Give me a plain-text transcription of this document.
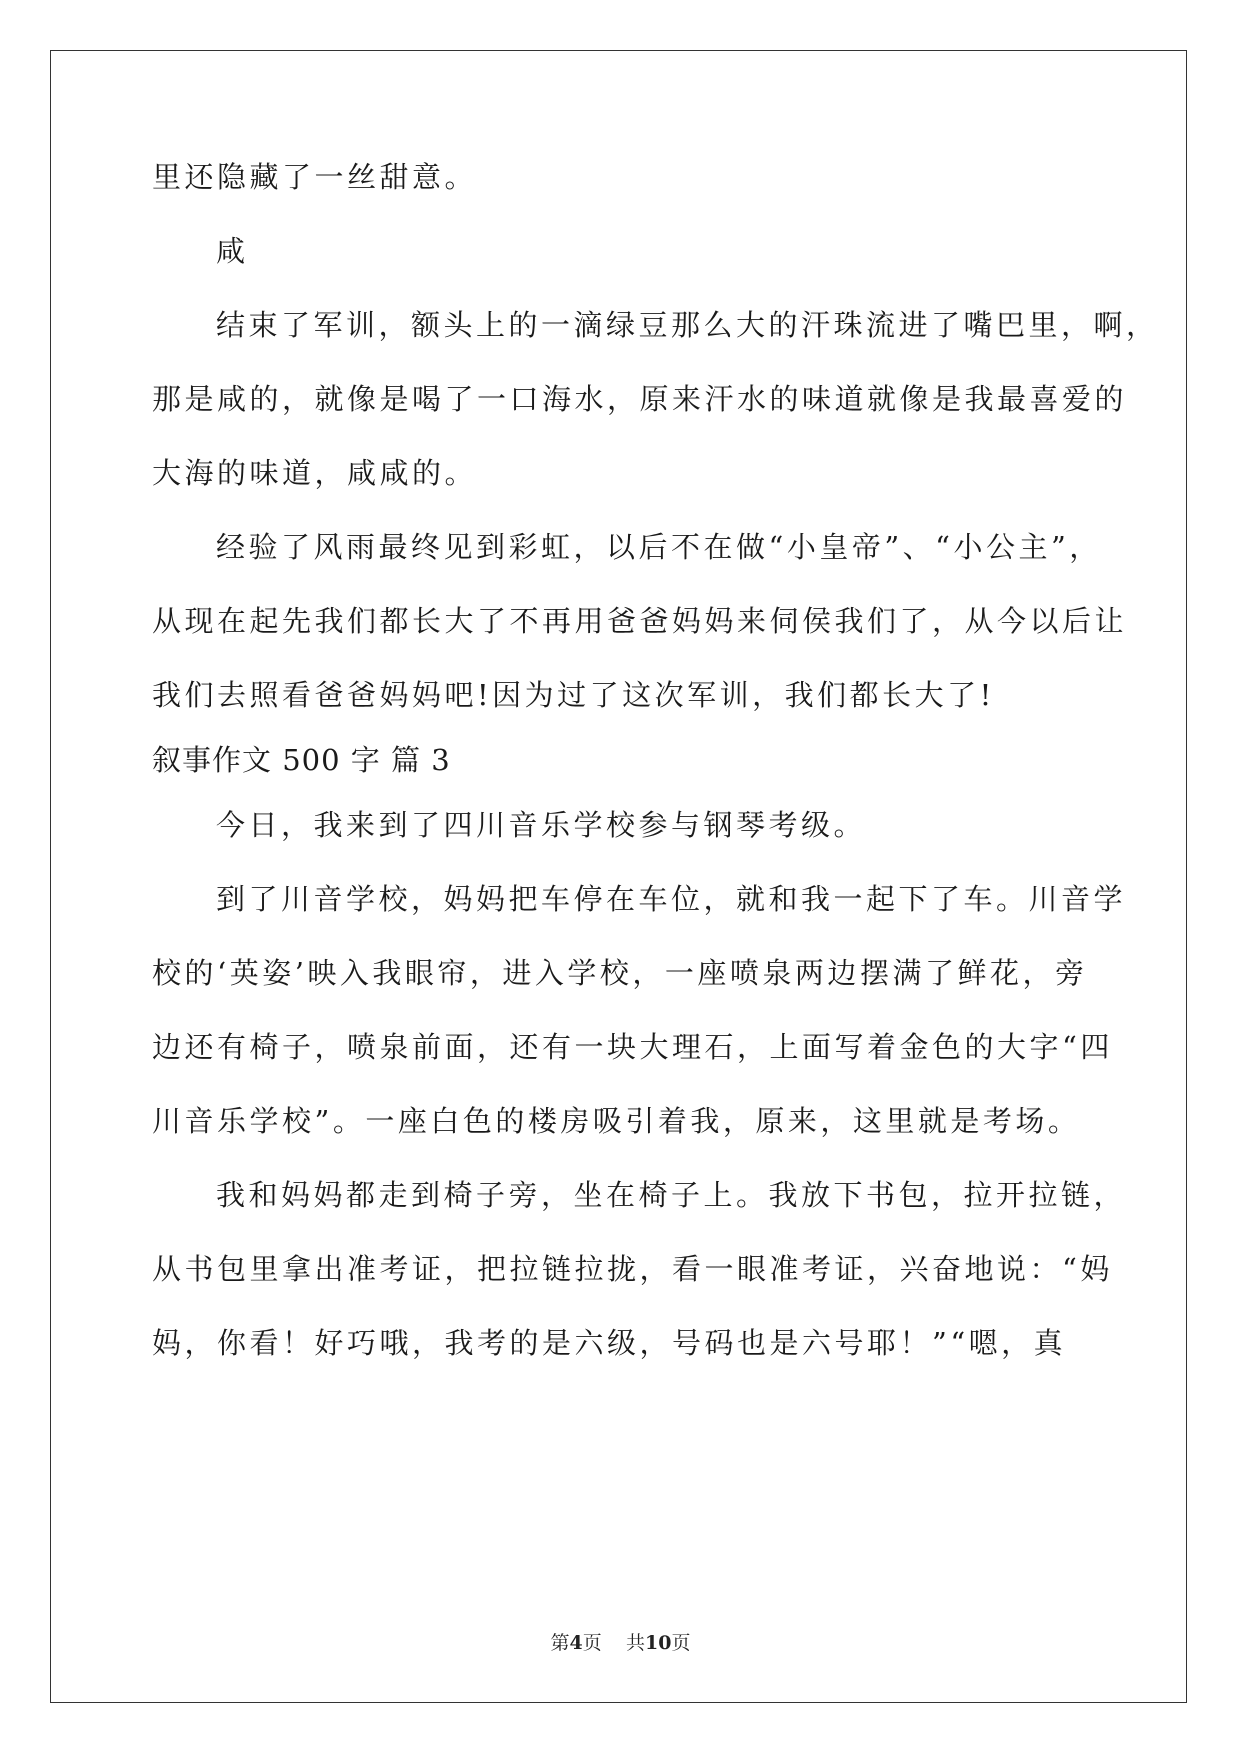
里还隐藏了一丝甜意。
咸
结束了军训，额头上的一滴绿豆那么大的汗珠流进了嘴巴里，啊，
那是咸的，就像是喝了一口海水，原来汗水的味道就像是我最喜爱的
大海的味道，咸咸的。
经验了风雨最终见到彩虹，以后不在做“小皇帝”、“小公主”，
从现在起先我们都长大了不再用爸爸妈妈来伺侯我们了，从今以后让
我们去照看爸爸妈妈吧!因为过了这次军训，我们都长大了!
叙事作文 500 字 篇 3
今日，我来到了四川音乐学校参与钢琴考级。
到了川音学校，妈妈把车停在车位，就和我一起下了车。川音学
校的‘英姿’映入我眼帘，进入学校，一座喷泉两边摆满了鲜花，旁
边还有椅子，喷泉前面，还有一块大理石，上面写着金色的大字“四
川音乐学校”。一座白色的楼房吸引着我，原来，这里就是考场。
我和妈妈都走到椅子旁，坐在椅子上。我放下书包，拉开拉链，
从书包里拿出准考证，把拉链拉拢，看一眼准考证，兴奋地说：“妈
妈，你看！好巧哦，我考的是六级，号码也是六号耶！”“嗯，真
第4页 共10页
